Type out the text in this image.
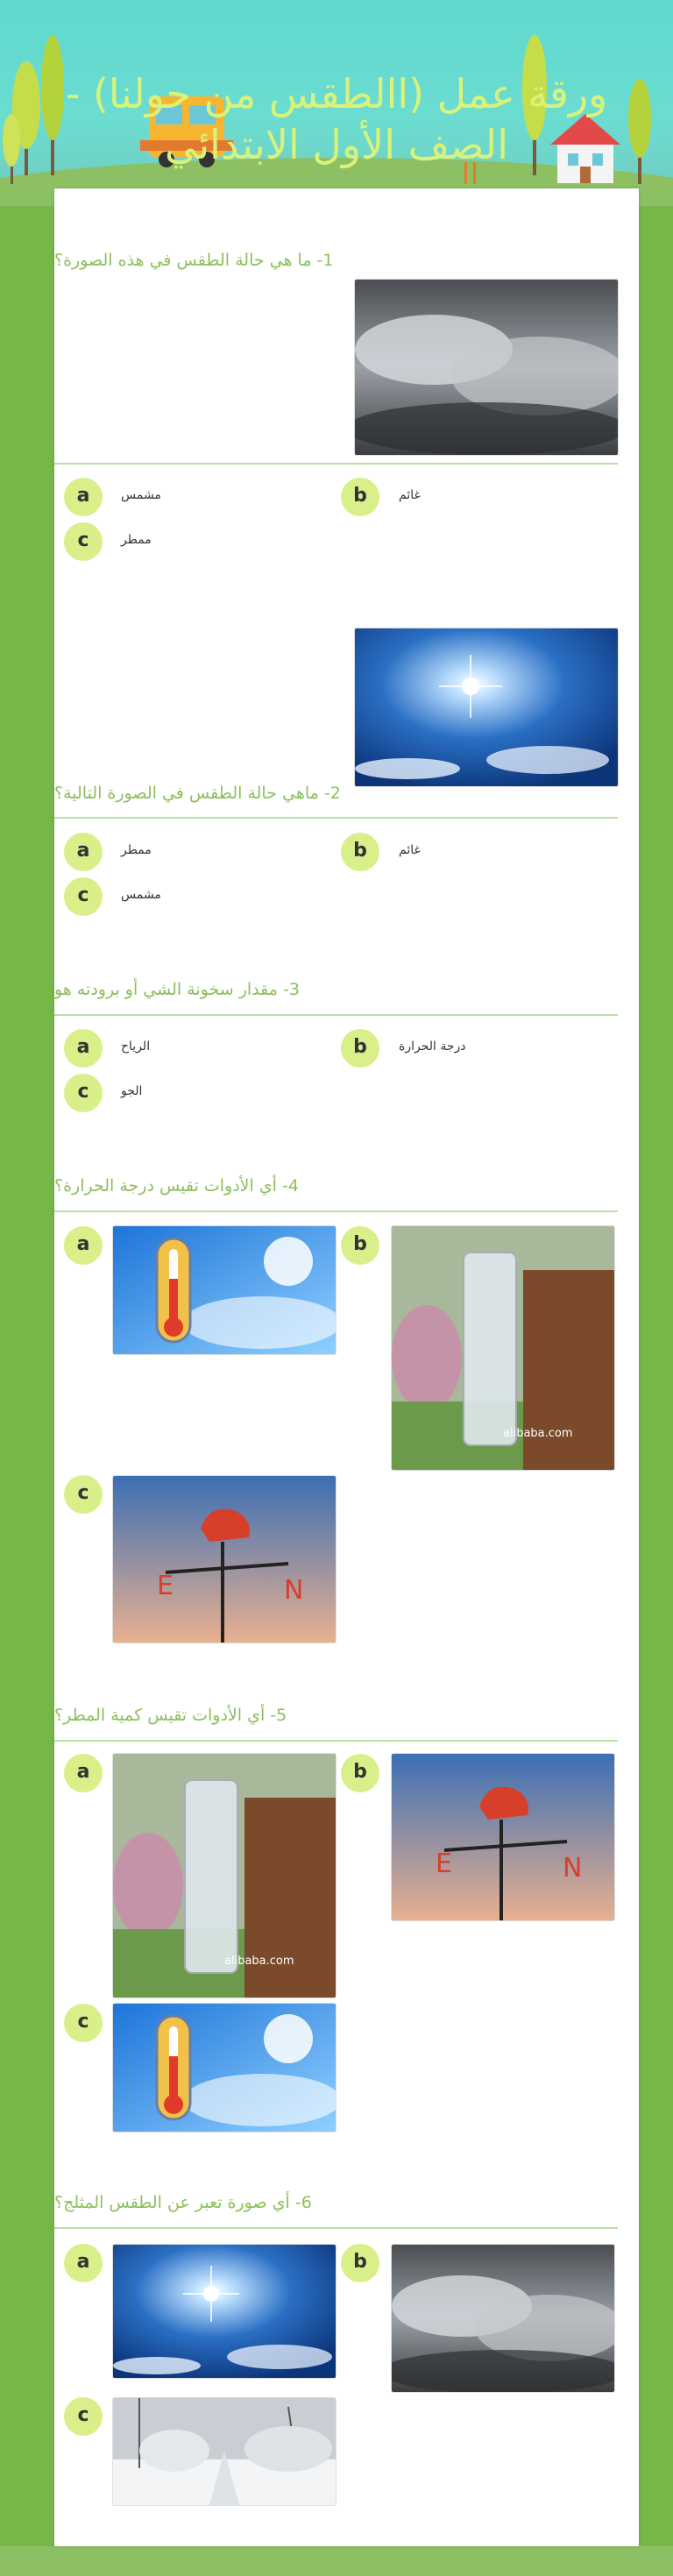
ورقة عمل (االطقس من حولنا) -
الصف الأول الابتدائي
1- ما هي حالة الطقس في هذه الصورة؟
a	مشمس	b	غائم
c	ممطر
2- ماهي حالة الطقس في الصورة التالية؟
a	ممطر	b	غائم
c	مشمس
3- مقدار سخونة الشي أو برودته هو
a	الرياح	b	درجة الحرارة
c	الجو
4- أي الأدوات تقيس درجة الحرارة؟
a	b
alibaba.com
c
E	N
5- أي الأدوات تقيس كمية المطر؟
a
alibaba.com
b
E	N
c
6- أي صورة تعبر عن الطقس المثلج؟
a	b
c
